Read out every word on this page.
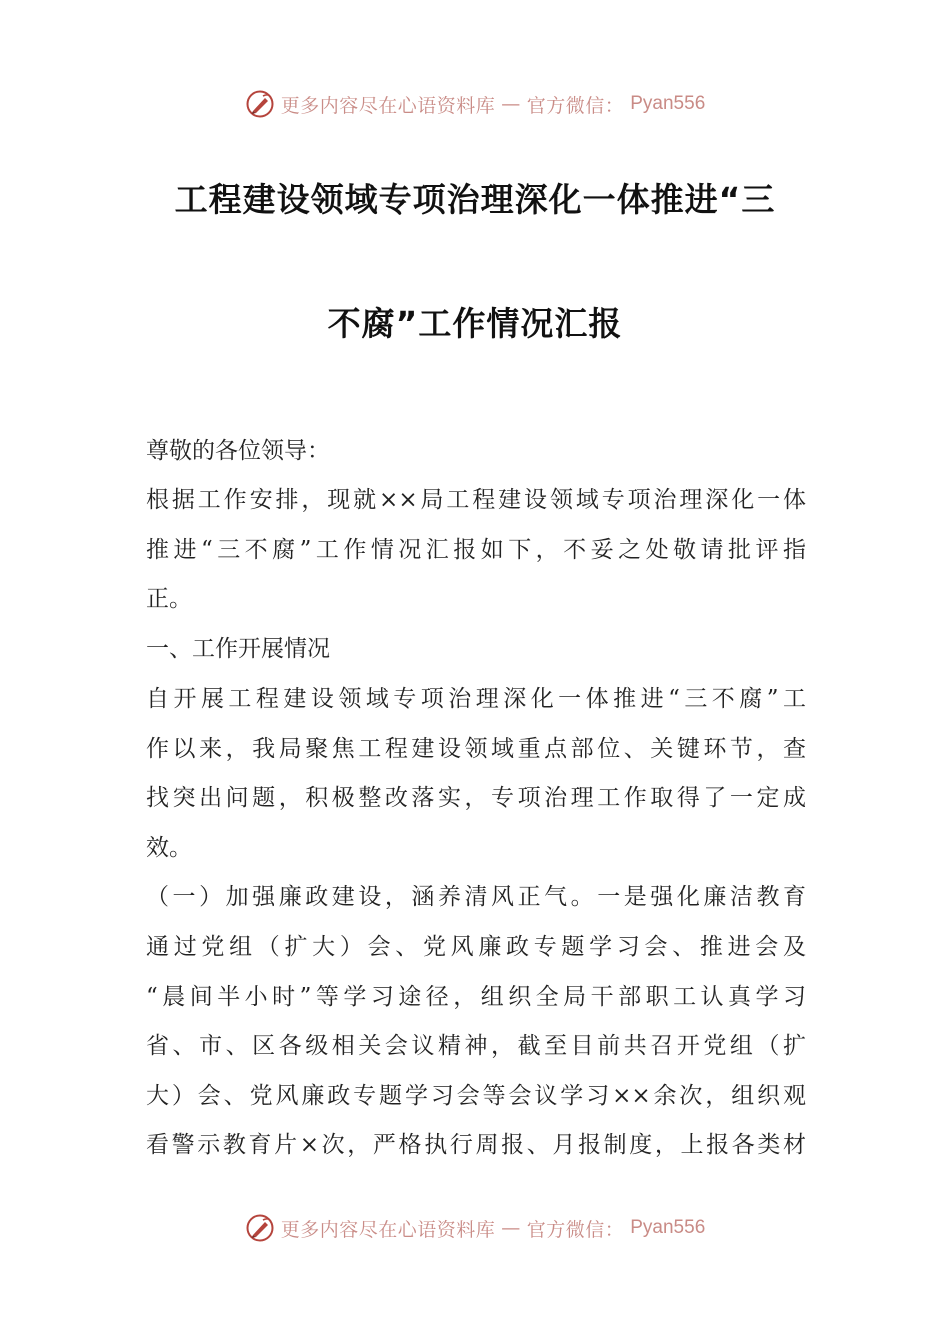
更多内容尽在心语资料库 — 官方微信： Pyan556
工程建设领域专项治理深化一体推进“三
不腐”工作情况汇报
尊敬的各位领导：
根据工作安排，现就××局工程建设领域专项治理深化一体
推进“三不腐”工作情况汇报如下，不妥之处敬请批评指
正。
一、工作开展情况
自开展工程建设领域专项治理深化一体推进“三不腐”工
作以来，我局聚焦工程建设领域重点部位、关键环节，查
找突出问题，积极整改落实，专项治理工作取得了一定成
效。
（一）加强廉政建设，涵养清风正气。一是强化廉洁教育
通过党组（扩大）会、党风廉政专题学习会、推进会及
“晨间半小时”等学习途径，组织全局干部职工认真学习
省、市、区各级相关会议精神，截至目前共召开党组（扩
大）会、党风廉政专题学习会等会议学习××余次，组织观
看警示教育片×次，严格执行周报、月报制度，上报各类材
更多内容尽在心语资料库 — 官方微信： Pyan556
